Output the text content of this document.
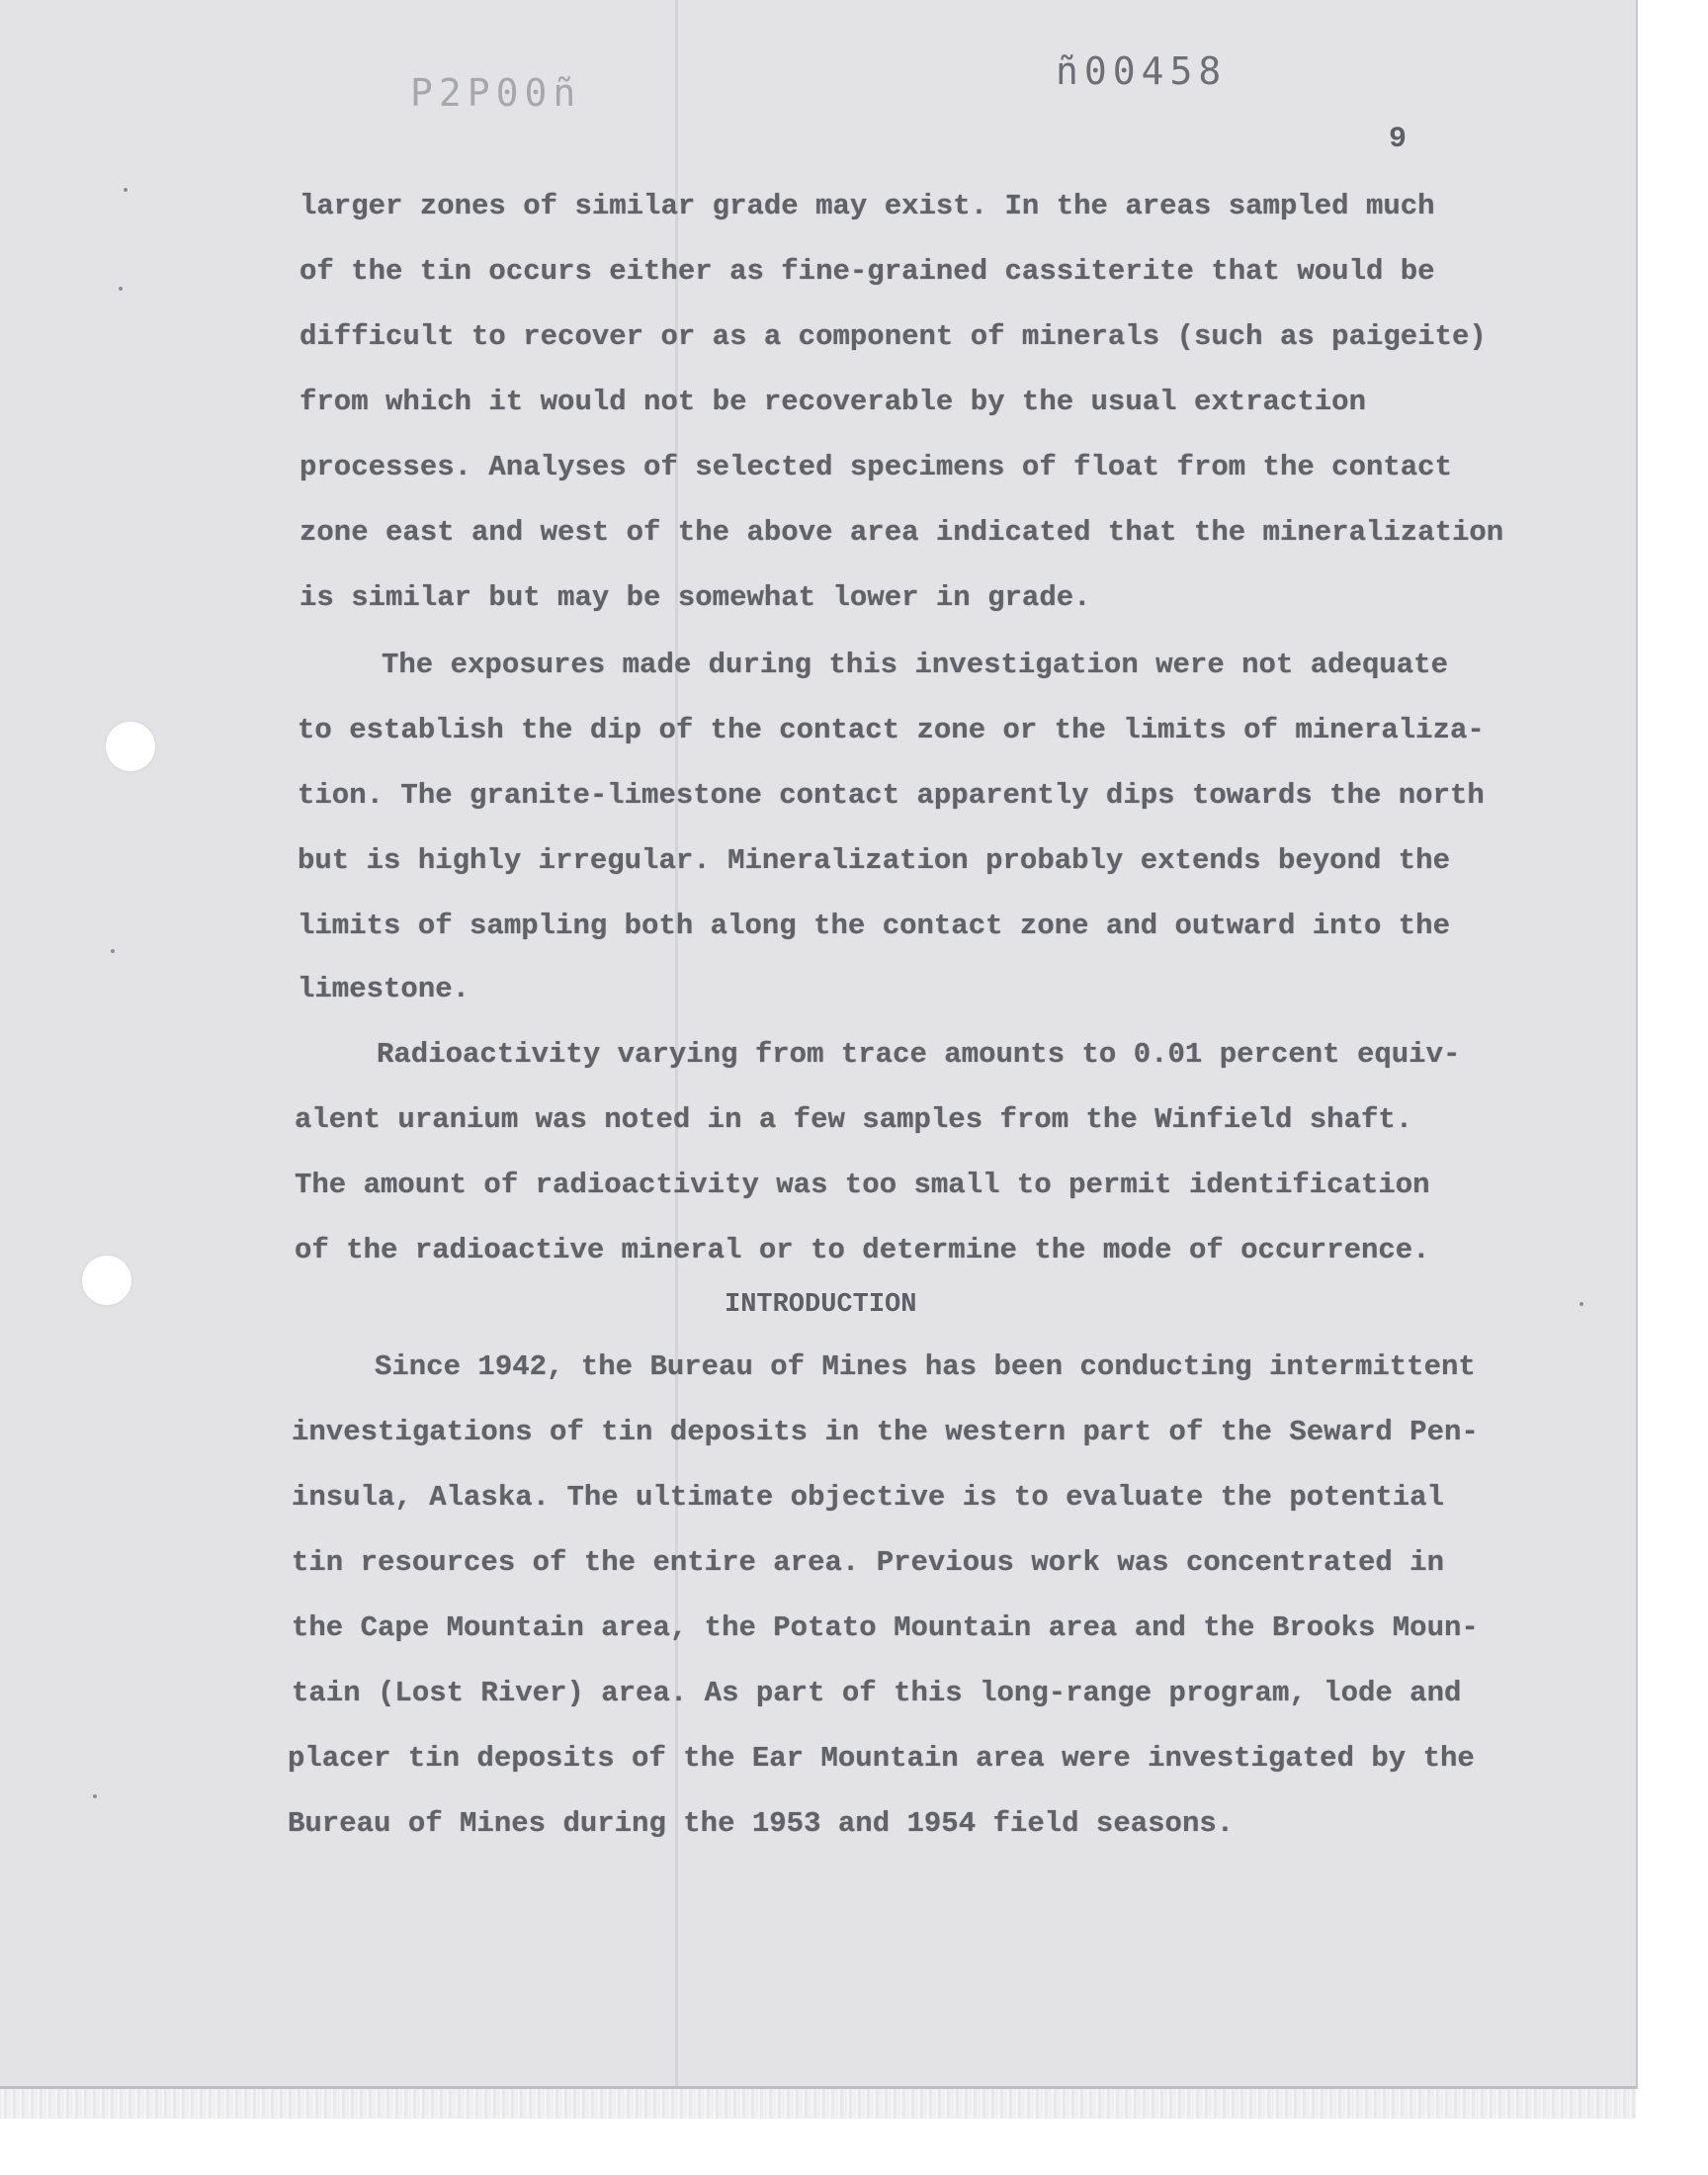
P2P00ñ	ñ00458
9

larger zones of similar grade may exist. In the areas sampled much

of the tin occurs either as fine-grained cassiterite that would be

difficult to recover or as a component of minerals (such as paigeite)

from which it would not be recoverable by the usual extraction

processes. Analyses of selected specimens of float from the contact

zone east and west of the above area indicated that the mineralization

is similar but may be somewhat lower in grade.

The exposures made during this investigation were not adequate

to establish the dip of the contact zone or the limits of mineraliza-

tion. The granite-limestone contact apparently dips towards the north

but is highly irregular. Mineralization probably extends beyond the

limits of sampling both along the contact zone and outward into the

limestone.

Radioactivity varying from trace amounts to 0.01 percent equiv-

alent uranium was noted in a few samples from the Winfield shaft.

The amount of radioactivity was too small to permit identification

of the radioactive mineral or to determine the mode of occurrence.

INTRODUCTION

Since 1942, the Bureau of Mines has been conducting intermittent

investigations of tin deposits in the western part of the Seward Pen-

insula, Alaska. The ultimate objective is to evaluate the potential

tin resources of the entire area. Previous work was concentrated in

the Cape Mountain area, the Potato Mountain area and the Brooks Moun-

tain (Lost River) area. As part of this long-range program, lode and

placer tin deposits of the Ear Mountain area were investigated by the

Bureau of Mines during the 1953 and 1954 field seasons.
